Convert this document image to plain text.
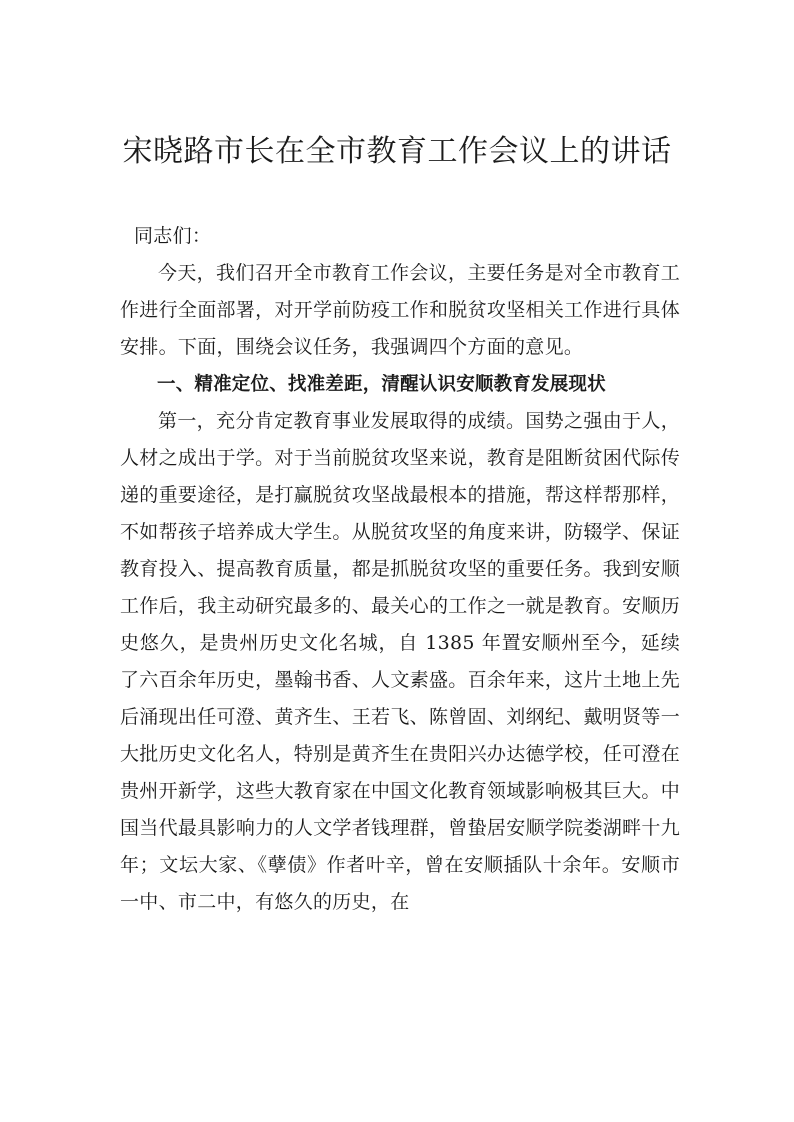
宋晓路市长在全市教育工作会议上的讲话

同志们：

今天，我们召开全市教育工作会议，主要任务是对全市教育工作进行全面部署，对开学前防疫工作和脱贫攻坚相关工作进行具体安排。下面，围绕会议任务，我强调四个方面的意见。

一、精准定位、找准差距，清醒认识安顺教育发展现状

第一，充分肯定教育事业发展取得的成绩。国势之强由于人，人材之成出于学。对于当前脱贫攻坚来说，教育是阻断贫困代际传递的重要途径，是打赢脱贫攻坚战最根本的措施，帮这样帮那样，不如帮孩子培养成大学生。从脱贫攻坚的角度来讲，防辍学、保证教育投入、提高教育质量，都是抓脱贫攻坚的重要任务。我到安顺工作后，我主动研究最多的、最关心的工作之一就是教育。安顺历史悠久，是贵州历史文化名城，自 1385 年置安顺州至今，延续了六百余年历史，墨翰书香、人文素盛。百余年来，这片土地上先后涌现出任可澄、黄齐生、王若飞、陈曾固、刘纲纪、戴明贤等一大批历史文化名人，特别是黄齐生在贵阳兴办达德学校，任可澄在贵州开新学，这些大教育家在中国文化教育领域影响极其巨大。中国当代最具影响力的人文学者钱理群，曾蛰居安顺学院娄湖畔十九年；文坛大家、《孽债》作者叶辛，曾在安顺插队十余年。安顺市一中、市二中，有悠久的历史，在
